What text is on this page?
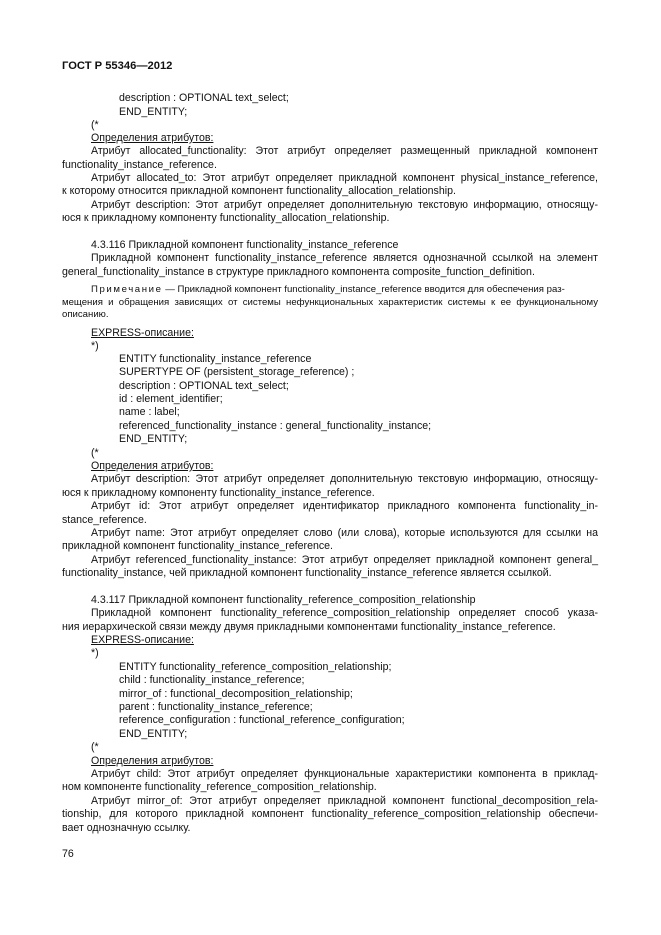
ГОСТ Р 55346—2012
description : OPTIONAL text_select;
END_ENTITY;
(*
Определения атрибутов:
Атрибут allocated_functionality: Этот атрибут определяет размещенный прикладной компонент
functionality_instance_reference.
Атрибут allocated_to: Этот атрибут определяет прикладной компонент physical_instance_reference,
к которому относится прикладной компонент functionality_allocation_relationship.
Атрибут description: Этот атрибут определяет дополнительную текстовую информацию, относящу-
юся к прикладному компоненту functionality_allocation_relationship.
4.3.116 Прикладной компонент functionality_instance_reference
Прикладной компонент functionality_instance_reference является однозначной ссылкой на элемент
general_functionality_instance в структуре прикладного компонента composite_function_definition.
Примечание — Прикладной компонент functionality_instance_reference вводится для обеспечения раз-
мещения и обращения зависящих от системы нефункциональных характеристик системы к ее функциональному
описанию.
EXPRESS-описание:
*)
ENTITY functionality_instance_reference
SUPERTYPE OF (persistent_storage_reference) ;
description : OPTIONAL text_select;
id : element_identifier;
name : label;
referenced_functionality_instance : general_functionality_instance;
END_ENTITY;
(*
Определения атрибутов:
Атрибут description: Этот атрибут определяет дополнительную текстовую информацию, относящу-
юся к прикладному компоненту functionality_instance_reference.
Атрибут id: Этот атрибут определяет идентификатор прикладного компонента functionality_in-
stance_reference.
Атрибут name: Этот атрибут определяет слово (или слова), которые используются для ссылки на
прикладной компонент functionality_instance_reference.
Атрибут referenced_functionality_instance: Этот атрибут определяет прикладной компонент general_
functionality_instance, чей прикладной компонент functionality_instance_reference является ссылкой.
4.3.117 Прикладной компонент functionality_reference_composition_relationship
Прикладной компонент functionality_reference_composition_relationship определяет способ указа-
ния иерархической связи между двумя прикладными компонентами functionality_instance_reference.
EXPRESS-описание:
*)
ENTITY functionality_reference_composition_relationship;
child : functionality_instance_reference;
mirror_of : functional_decomposition_relationship;
parent : functionality_instance_reference;
reference_configuration : functional_reference_configuration;
END_ENTITY;
(*
Определения атрибутов:
Атрибут child: Этот атрибут определяет функциональные характеристики компонента в приклад-
ном компоненте functionality_reference_composition_relationship.
Атрибут mirror_of: Этот атрибут определяет прикладной компонент functional_decomposition_rela-
tionship, для которого прикладной компонент functionality_reference_composition_relationship обеспечи-
вает однозначную ссылку.
76
